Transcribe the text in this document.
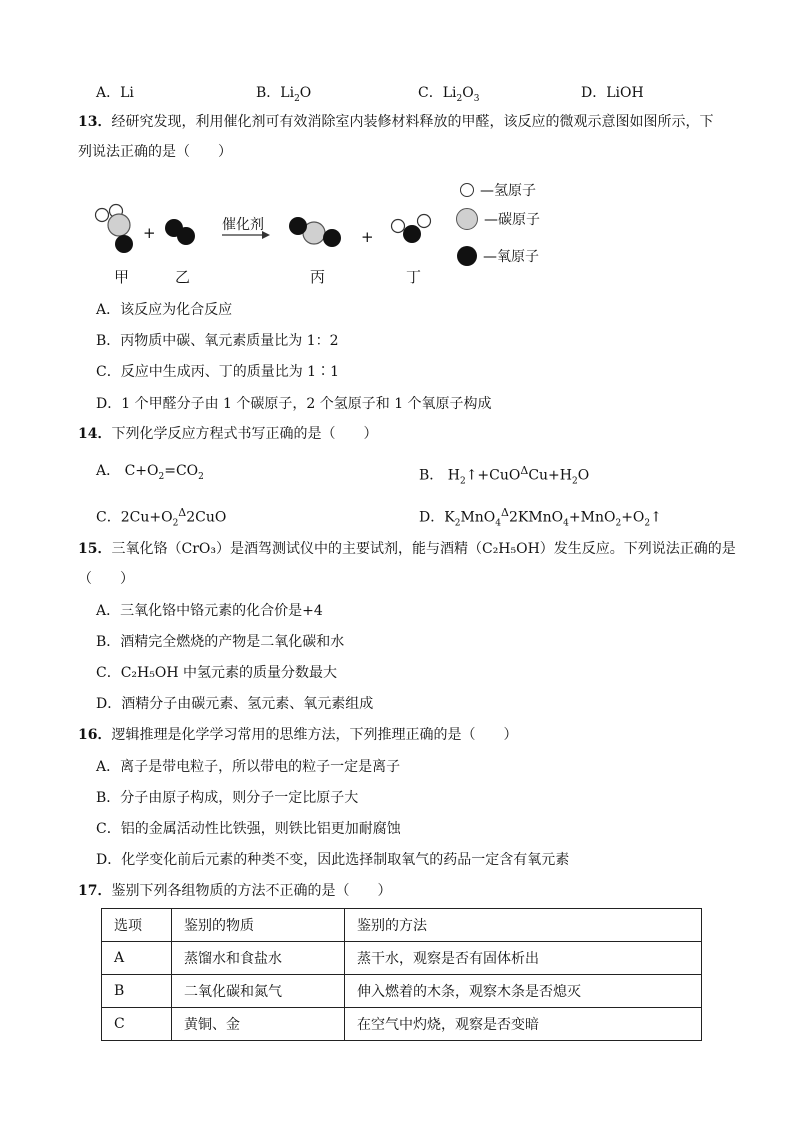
A．Li	B．$Li_2O$	C．$Li_2O_3$	D．LiOH
13．经研究发现，利用催化剂可有效消除室内装修材料释放的甲醛，该反应的微观示意图如图所示，下
列说法正确的是（　　）
+	+
催化剂
甲	乙	丙	丁
—氢原子
—碳原子
—氧原子
A．该反应为化合反应
B．丙物质中碳、氧元素质量比为 1：2
C．反应中生成丙、丁的质量比为 1∶1
D．1 个甲醛分子由 1 个碳原子，2 个氢原子和 1 个氧原子构成
14．下列化学反应方程式书写正确的是（　　）
A． $C+O_2=CO_2$	B． $H_2↑+CuO^\Delta Cu+H_2O$
C．$2Cu+O_2^\Delta 2CuO$	D．$K_2MnO_4^\Delta 2KMnO_4+MnO_2+O_2↑$
15．三氧化铬（CrO₃）是酒驾测试仪中的主要试剂，能与酒精（C₂H₅OH）发生反应。下列说法正确的是
（　　）
A．三氧化铬中铬元素的化合价是+4
B．酒精完全燃烧的产物是二氧化碳和水
C．C₂H₅OH 中氢元素的质量分数最大
D．酒精分子由碳元素、氢元素、氧元素组成
16．逻辑推理是化学学习常用的思维方法，下列推理正确的是（　　）
A．离子是带电粒子，所以带电的粒子一定是离子
B．分子由原子构成，则分子一定比原子大
C．铝的金属活动性比铁强，则铁比铝更加耐腐蚀
D．化学变化前后元素的种类不变，因此选择制取氧气的药品一定含有氧元素
17．鉴别下列各组物质的方法不正确的是（　　）
选项	鉴别的物质	鉴别的方法
A	蒸馏水和食盐水	蒸干水，观察是否有固体析出
B	二氧化碳和氮气	伸入燃着的木条，观察木条是否熄灭
C	黄铜、金	在空气中灼烧，观察是否变暗
